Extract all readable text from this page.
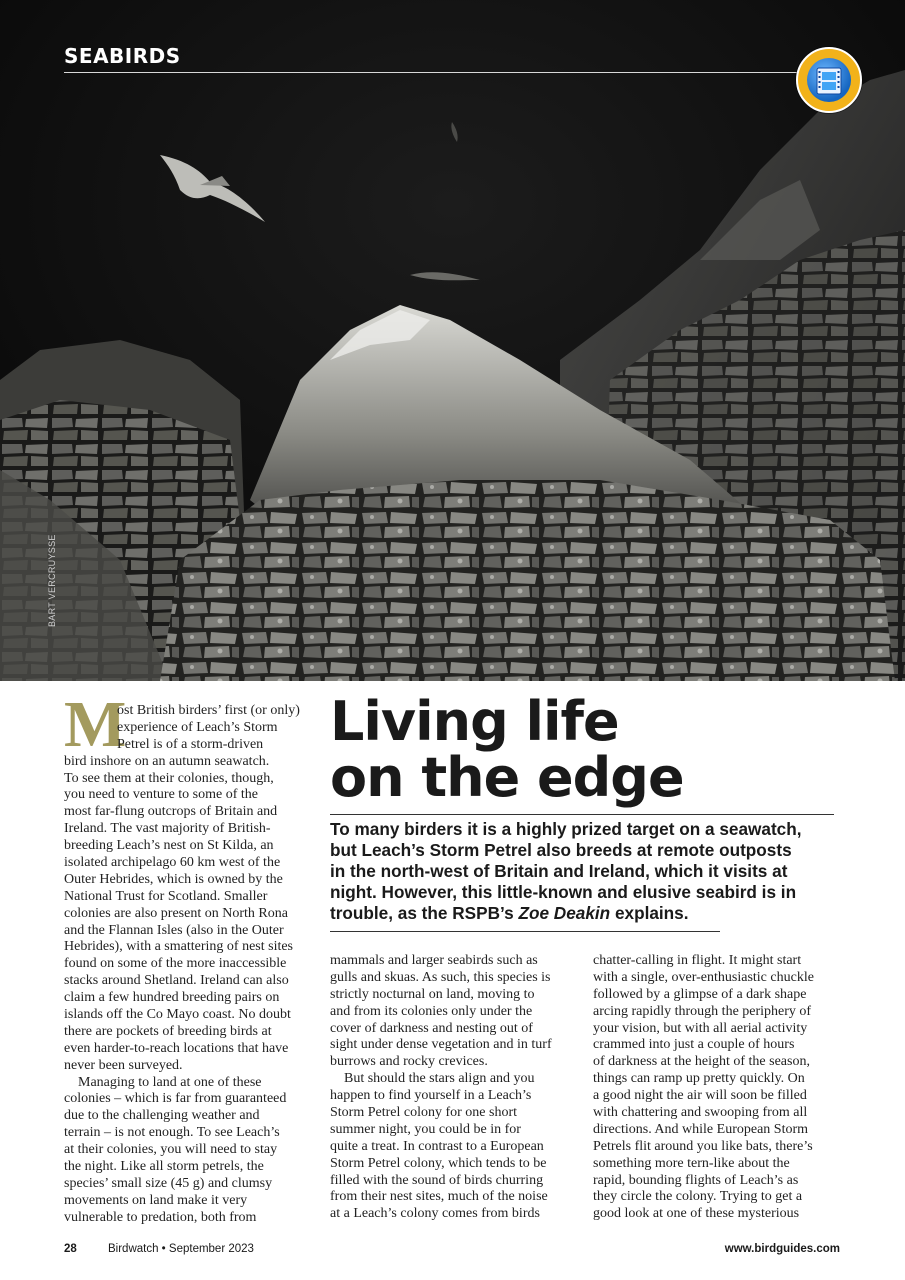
SEABIRDS
BART VERCRUYSSE
Living life
on the edge
To many birders it is a highly prized target on a seawatch,
but Leach’s Storm Petrel also breeds at remote outposts
in the north-west of Britain and Ireland, which it visits at
night. However, this little-known and elusive seabird is in
trouble, as the RSPB’s Zoe Deakin explains.
M
ost British birders’ first (or only)
experience of Leach’s Storm
Petrel is of a storm-driven
bird inshore on an autumn seawatch.
To see them at their colonies, though,
you need to venture to some of the
most far-flung outcrops of Britain and
Ireland. The vast majority of British-
breeding Leach’s nest on St Kilda, an
isolated archipelago 60 km west of the
Outer Hebrides, which is owned by the
National Trust for Scotland. Smaller
colonies are also present on North Rona
and the Flannan Isles (also in the Outer
Hebrides), with a smattering of nest sites
found on some of the more inaccessible
stacks around Shetland. Ireland can also
claim a few hundred breeding pairs on
islands off the Co Mayo coast. No doubt
there are pockets of breeding birds at
even harder-to-reach locations that have
never been surveyed.
Managing to land at one of these
colonies – which is far from guaranteed
due to the challenging weather and
terrain – is not enough. To see Leach’s
at their colonies, you will need to stay
the night. Like all storm petrels, the
species’ small size (45 g) and clumsy
movements on land make it very
vulnerable to predation, both from
mammals and larger seabirds such as
gulls and skuas. As such, this species is
strictly nocturnal on land, moving to
and from its colonies only under the
cover of darkness and nesting out of
sight under dense vegetation and in turf
burrows and rocky crevices.
But should the stars align and you
happen to find yourself in a Leach’s
Storm Petrel colony for one short
summer night, you could be in for
quite a treat. In contrast to a European
Storm Petrel colony, which tends to be
filled with the sound of birds churring
from their nest sites, much of the noise
at a Leach’s colony comes from birds
chatter-calling in flight. It might start
with a single, over-enthusiastic chuckle
followed by a glimpse of a dark shape
arcing rapidly through the periphery of
your vision, but with all aerial activity
crammed into just a couple of hours
of darkness at the height of the season,
things can ramp up pretty quickly. On
a good night the air will soon be filled
with chattering and swooping from all
directions. And while European Storm
Petrels flit around you like bats, there’s
something more tern-like about the
rapid, bounding flights of Leach’s as
they circle the colony. Trying to get a
good look at one of these mysterious
28	Birdwatch • September 2023	www.birdguides.com
